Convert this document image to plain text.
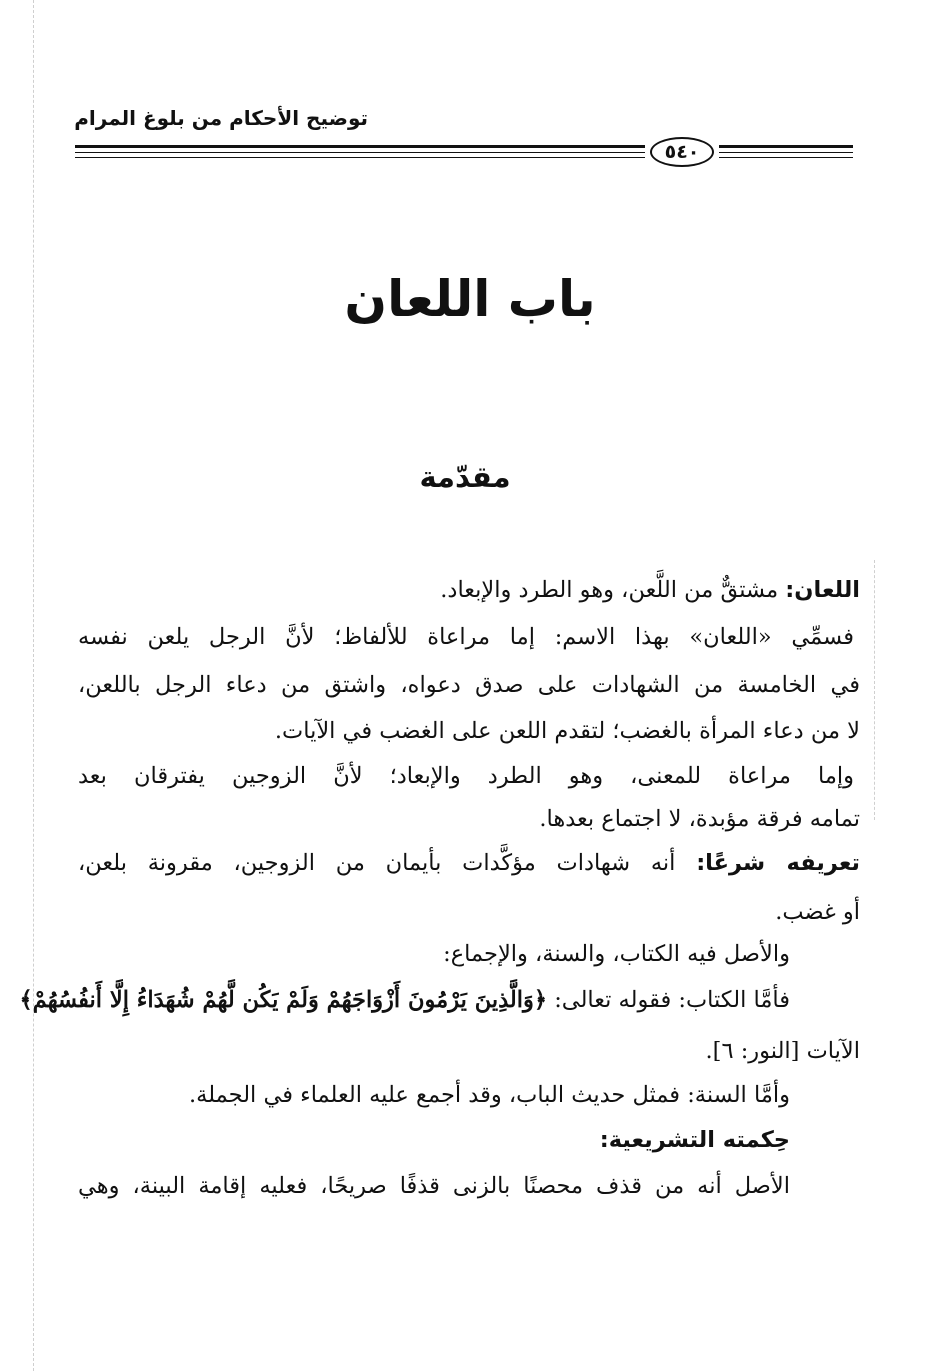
توضيح الأحكام من بلوغ المرام
٥٤٠
باب اللعان
مقدّمة
اللعان: مشتقٌّ من اللَّعن، وهو الطرد والإبعاد.
فسمِّي «اللعان» بهذا الاسم: إما مراعاة للألفاظ؛ لأنَّ الرجل يلعن نفسه
في الخامسة من الشهادات على صدق دعواه، واشتق من دعاء الرجل باللعن،
لا من دعاء المرأة بالغضب؛ لتقدم اللعن على الغضب في الآيات.
وإما مراعاة للمعنى، وهو الطرد والإبعاد؛ لأنَّ الزوجين يفترقان بعد
تمامه فرقة مؤبدة، لا اجتماع بعدها.
تعريفه شرعًا: أنه شهادات مؤكَّدات بأيمان من الزوجين، مقرونة بلعن،
أو غضب.
والأصل فيه الكتاب، والسنة، والإجماع:
فأمَّا الكتاب: فقوله تعالى: ﴿وَالَّذِينَ يَرْمُونَ أَزْوَاجَهُمْ وَلَمْ يَكُن لَّهُمْ شُهَدَاءُ إِلَّا أَنفُسُهُمْ﴾
الآيات [النور: ٦].
وأمَّا السنة: فمثل حديث الباب، وقد أجمع عليه العلماء في الجملة.
حِكمته التشريعية:
الأصل أنه من قذف محصنًا بالزنى قذفًا صريحًا، فعليه إقامة البينة، وهي
